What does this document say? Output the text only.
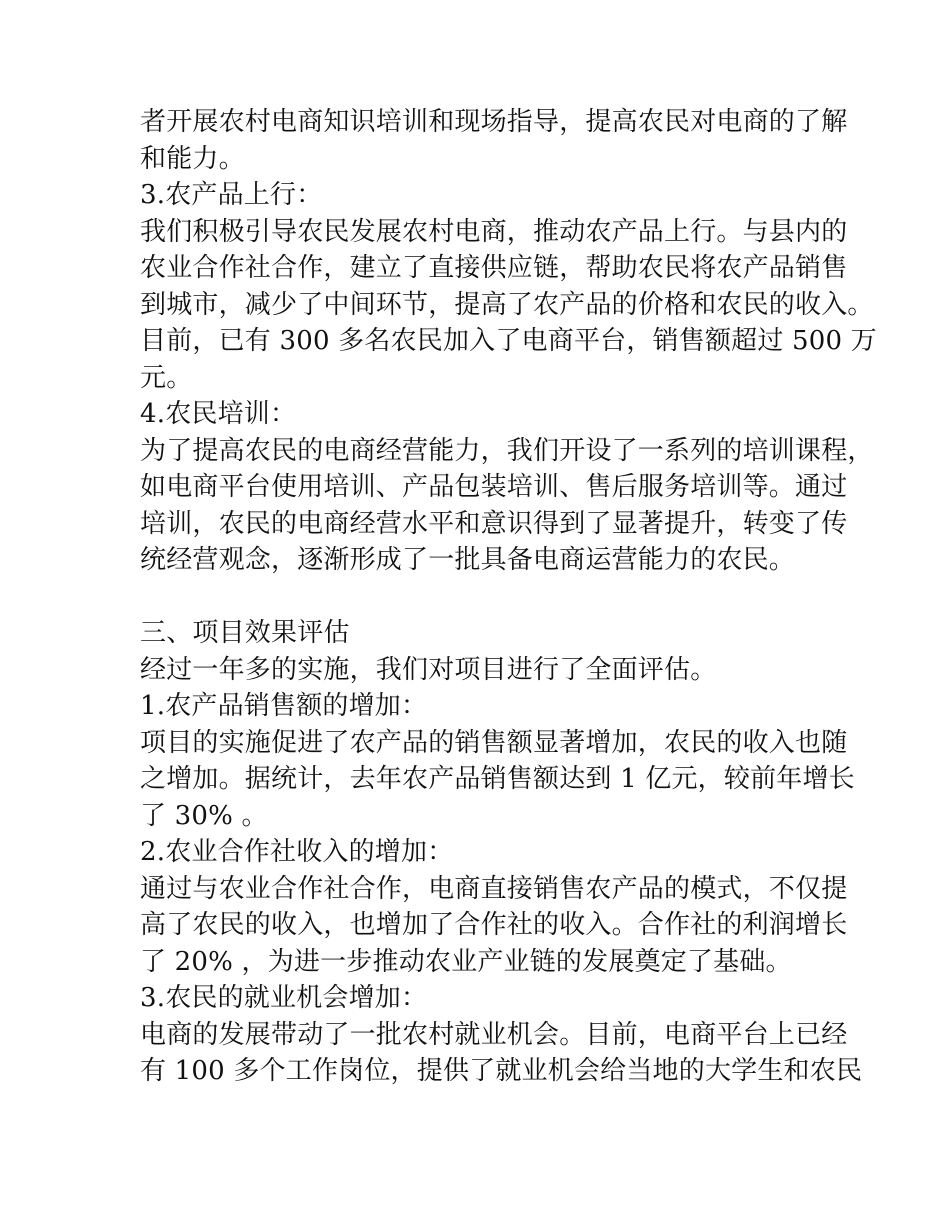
者开展农村电商知识培训和现场指导，提高农民对电商的了解
和能力。
3.农产品上行：
我们积极引导农民发展农村电商，推动农产品上行。与县内的
农业合作社合作，建立了直接供应链，帮助农民将农产品销售
到城市，减少了中间环节，提高了农产品的价格和农民的收入。
目前，已有 300 多名农民加入了电商平台，销售额超过 500 万
元。
4.农民培训：
为了提高农民的电商经营能力，我们开设了一系列的培训课程，
如电商平台使用培训、产品包装培训、售后服务培训等。通过
培训，农民的电商经营水平和意识得到了显著提升，转变了传
统经营观念，逐渐形成了一批具备电商运营能力的农民。
三、项目效果评估
经过一年多的实施，我们对项目进行了全面评估。
1.农产品销售额的增加：
项目的实施促进了农产品的销售额显著增加，农民的收入也随
之增加。据统计，去年农产品销售额达到 1 亿元，较前年增长
了 30% 。
2.农业合作社收入的增加：
通过与农业合作社合作，电商直接销售农产品的模式，不仅提
高了农民的收入，也增加了合作社的收入。合作社的利润增长
了 20% ，为进一步推动农业产业链的发展奠定了基础。
3.农民的就业机会增加：
电商的发展带动了一批农村就业机会。目前，电商平台上已经
有 100 多个工作岗位，提供了就业机会给当地的大学生和农民
